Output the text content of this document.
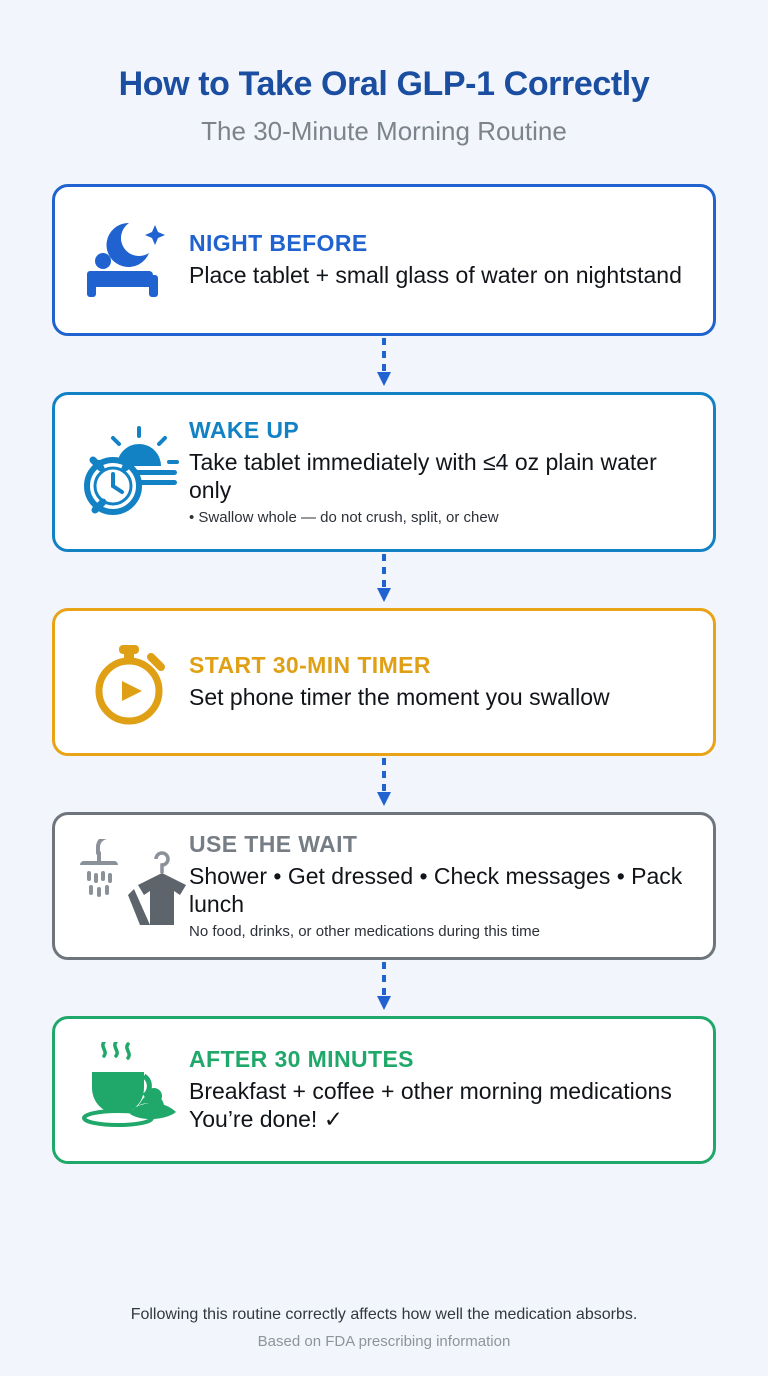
How to Take Oral GLP-1 Correctly
The 30-Minute Morning Routine
NIGHT BEFORE
Place tablet + small glass of water on nightstand
WAKE UP
Take tablet immediately with ≤4 oz plain water only
• Swallow whole — do not crush, split, or chew
START 30-MIN TIMER
Set phone timer the moment you swallow
USE THE WAIT
Shower • Get dressed • Check messages • Pack lunch
No food, drinks, or other medications during this time
AFTER 30 MINUTES
Breakfast + coffee + other morning medications You’re done! ✓
Following this routine correctly affects how well the medication absorbs.
Based on FDA prescribing information
